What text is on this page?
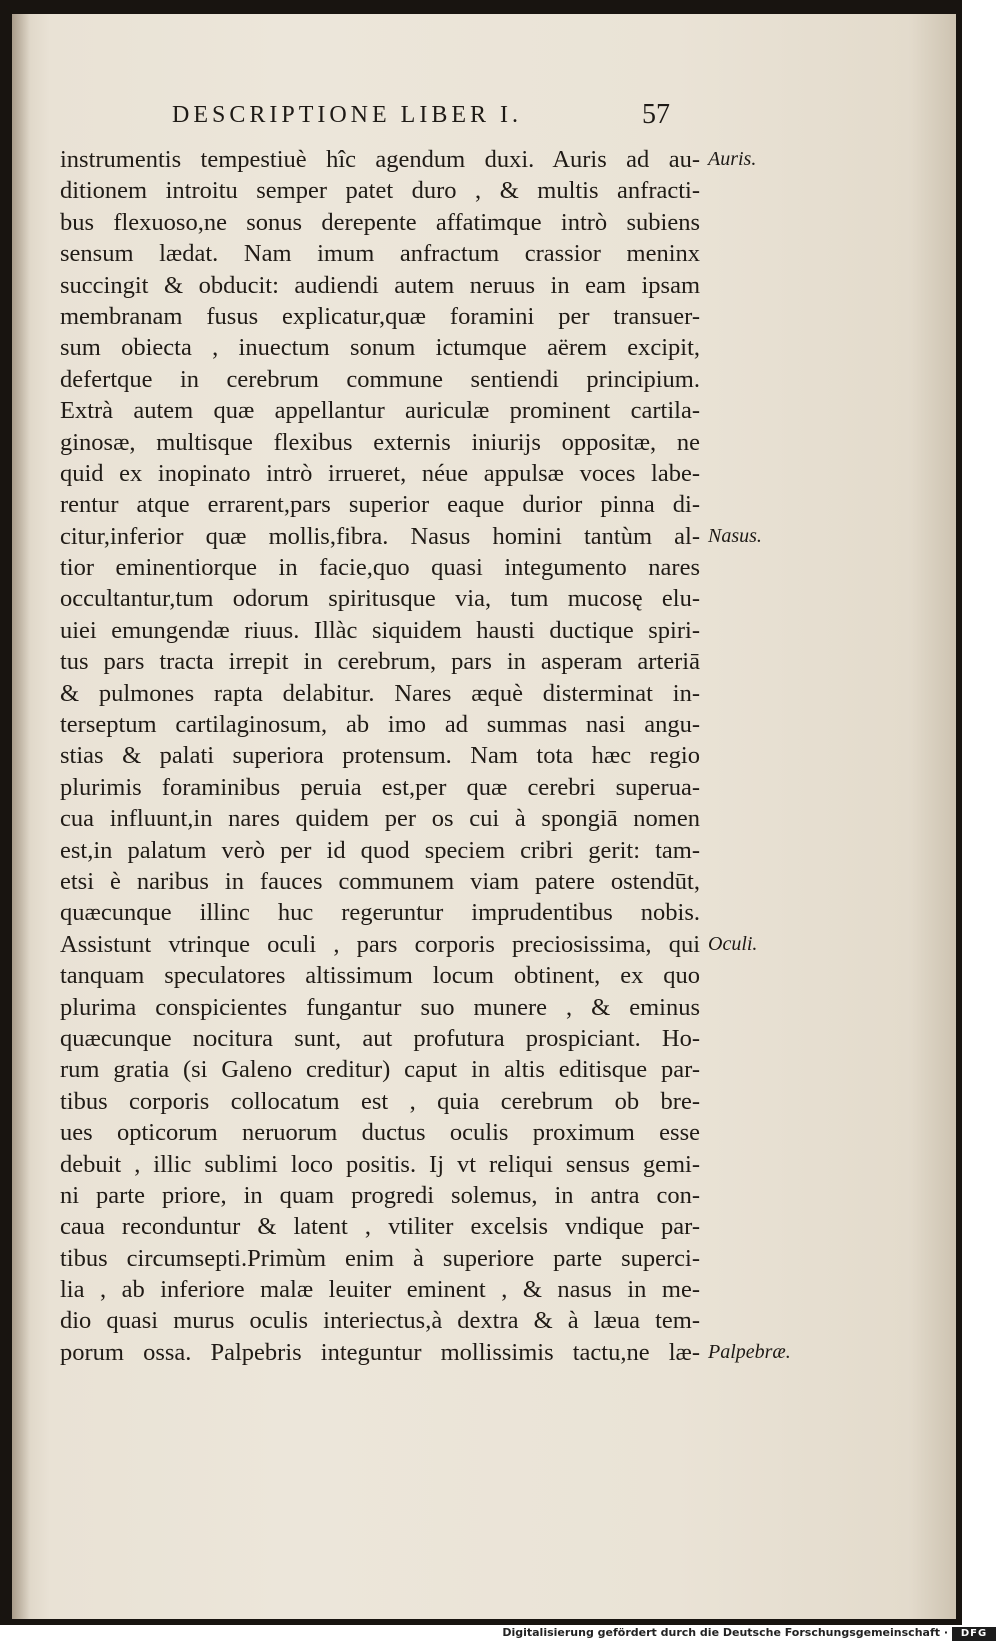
DESCRIPTIONE LIBER I.	57
instrumentis tempestiuè hîc agendum duxi. Auris ad au-
ditionem introitu semper patet duro , & multis anfracti-
bus flexuoso,ne sonus derepente affatimque intrò subiens
sensum lædat. Nam imum anfractum crassior meninx
succingit & obducit: audiendi autem neruus in eam ipsam
membranam fusus explicatur,quæ foramini per transuer-
sum obiecta , inuectum sonum ictumque aërem excipit,
defertque in cerebrum commune sentiendi principium.
Extrà autem quæ appellantur auriculæ prominent cartila-
ginosæ, multisque flexibus externis iniurijs oppositæ, ne
quid ex inopinato intrò irrueret, néue appulsæ voces labe-
rentur atque errarent,pars superior eaque durior pinna di-
citur,inferior quæ mollis,fibra. Nasus homini tantùm al-
tior eminentiorque in facie,quo quasi integumento nares
occultantur,tum odorum spiritusque via, tum mucosę elu-
uiei emungendæ riuus. Illàc siquidem hausti ductique spiri-
tus pars tracta irrepit in cerebrum, pars in asperam arteriā
& pulmones rapta delabitur. Nares æquè disterminat in-
terseptum cartilaginosum, ab imo ad summas nasi angu-
stias & palati superiora protensum. Nam tota hæc regio
plurimis foraminibus peruia est,per quæ cerebri superua-
cua influunt,in nares quidem per os cui à spongiā nomen
est,in palatum verò per id quod speciem cribri gerit: tam-
etsi è naribus in fauces communem viam patere ostendūt,
quæcunque illinc huc regeruntur imprudentibus nobis.
Assistunt vtrinque oculi , pars corporis preciosissima, qui
tanquam speculatores altissimum locum obtinent, ex quo
plurima conspicientes fungantur suo munere , & eminus
quæcunque nocitura sunt, aut profutura prospiciant. Ho-
rum gratia (si Galeno creditur) caput in altis editisque par-
tibus corporis collocatum est , quia cerebrum ob bre-
ues opticorum neruorum ductus oculis proximum esse
debuit , illic sublimi loco positis. Ij vt reliqui sensus gemi-
ni parte priore, in quam progredi solemus, in antra con-
caua reconduntur & latent , vtiliter excelsis vndique par-
tibus circumsepti.Primùm enim à superiore parte superci-
lia , ab inferiore malæ leuiter eminent , & nasus in me-
dio quasi murus oculis interiectus,à dextra & à læua tem-
porum ossa. Palpebris integuntur mollissimis tactu,ne læ-
Auris.
Nasus.
Oculi.
Palpebræ.
Digitalisierung gefördert durch die Deutsche Forschungsgemeinschaft ·	DFG
